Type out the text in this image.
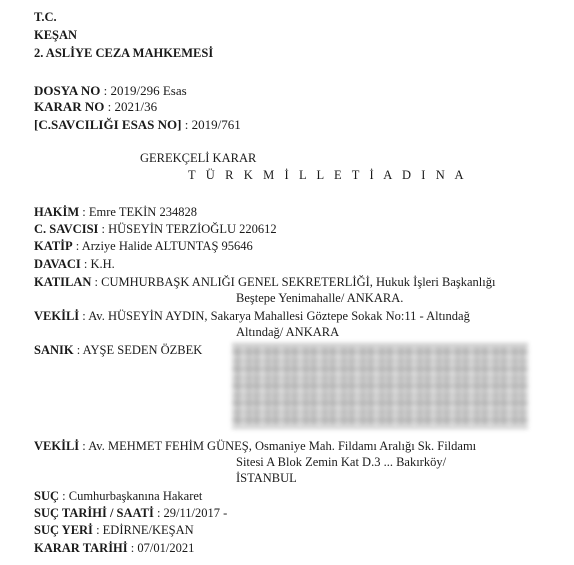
T.C.
KEŞAN
2. ASLİYE CEZA MAHKEMESİ
DOSYA NO : 2019/296 Esas
KARAR NO : 2021/36
[C.SAVCILIĞI ESAS NO] : 2019/761
GEREKÇELİ KARAR
T Ü R K M İ L L E T İ A D I N A
HAKİM : Emre TEKİN 234828
C. SAVCISI : HÜSEYİN TERZİOĞLU 220612
KATİP : Arziye Halide ALTUNTAŞ 95646
DAVACI : K.H.
KATILAN : CUMHURBAŞK ANLIĞI GENEL SEKRETERLİĞİ, Hukuk İşleri Başkanlığı
Beştepe Yenimahalle/ ANKARA.
VEKİLİ : Av. HÜSEYİN AYDIN, Sakarya Mahallesi Göztepe Sokak No:11 - Altındağ
Altındağ/ ANKARA
SANIK : AYŞE SEDEN ÖZBEK
VEKİLİ : Av. MEHMET FEHİM GÜNEŞ, Osmaniye Mah. Fildamı Aralığı Sk. Fildamı
Sitesi A Blok Zemin Kat D.3 ... Bakırköy/
İSTANBUL
SUÇ : Cumhurbaşkanına Hakaret
SUÇ TARİHİ / SAATİ : 29/11/2017 -
SUÇ YERİ : EDİRNE/KEŞAN
KARAR TARİHİ : 07/01/2021
